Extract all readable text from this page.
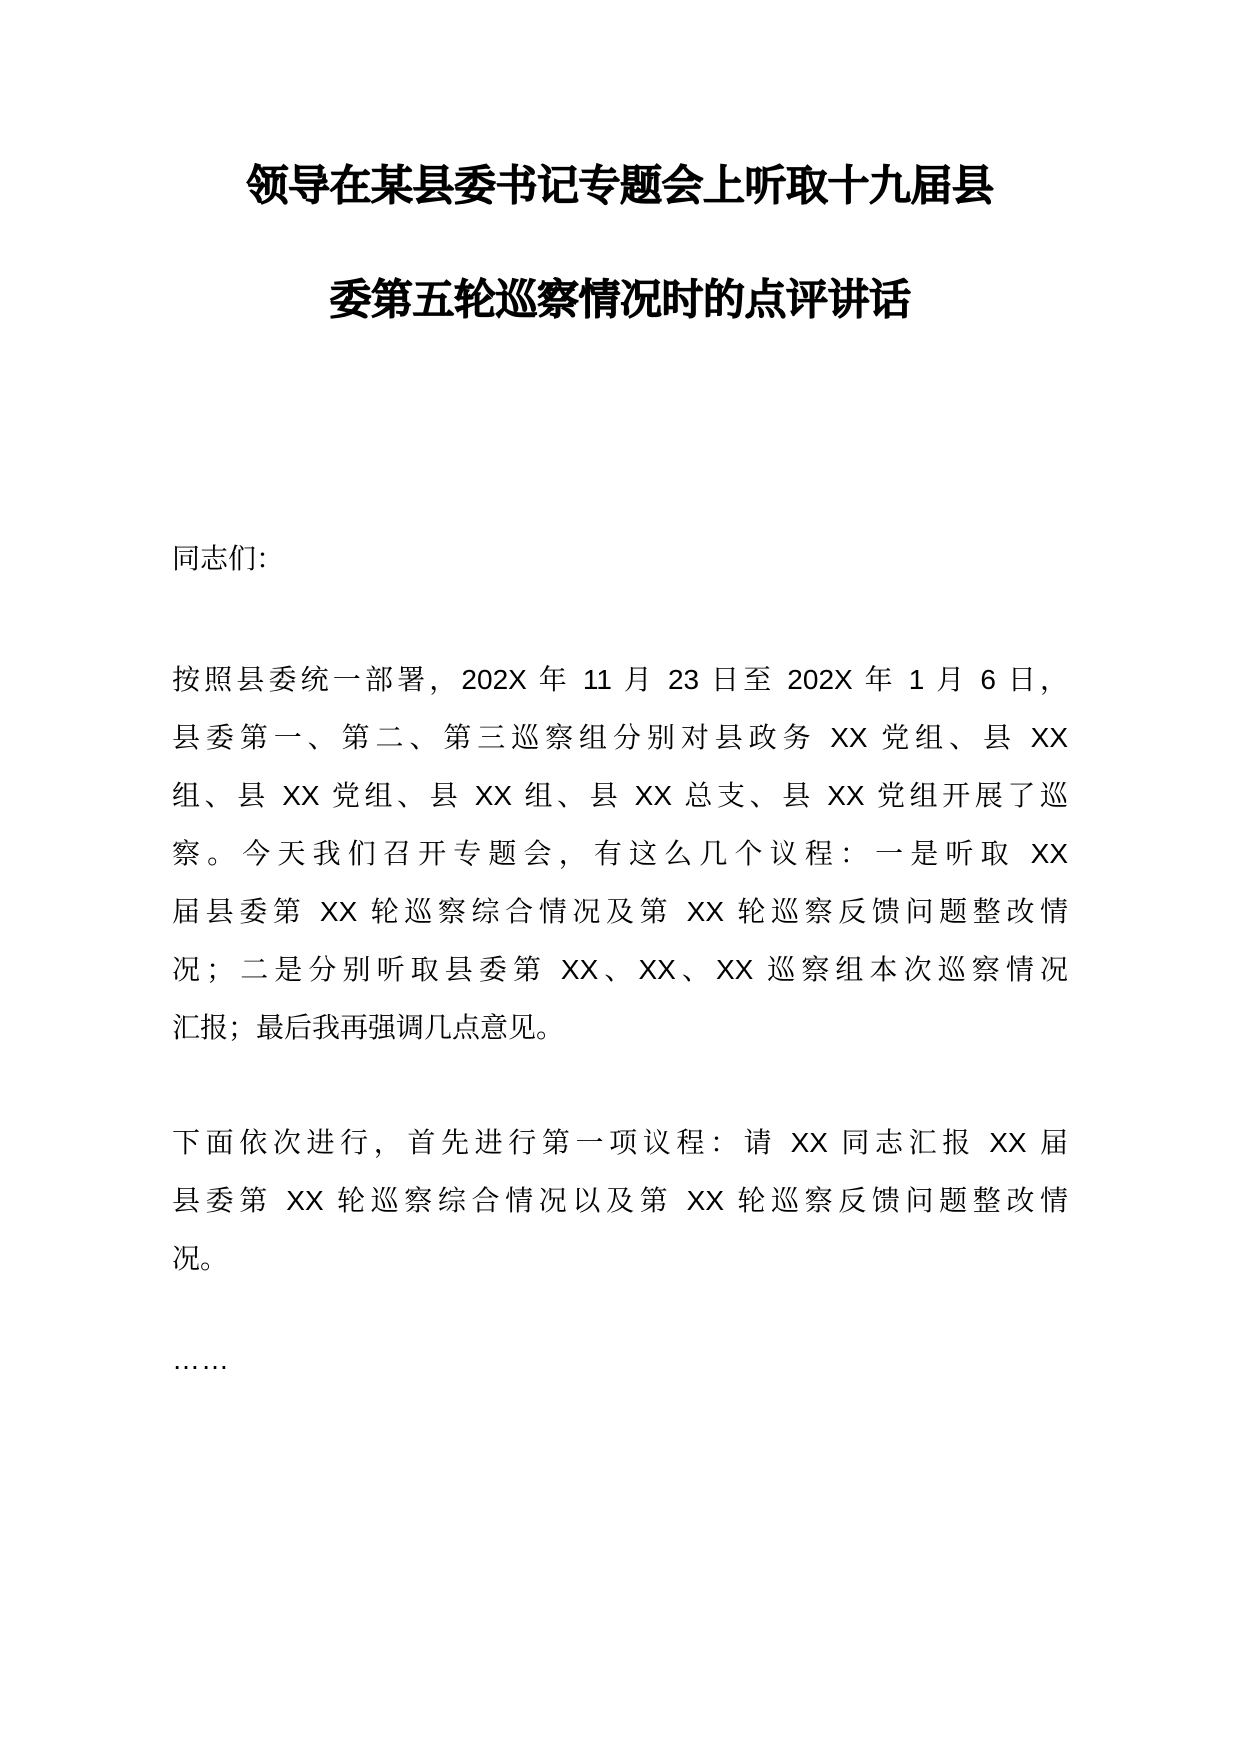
领导在某县委书记专题会上听取十九届县
委第五轮巡察情况时的点评讲话
同志们：
按照县委统一部署，202X 年 11 月 23 日至 202X 年 1 月 6 日，
县委第一、第二、第三巡察组分别对县政务 XX 党组、县 XX
组、县 XX 党组、县 XX 组、县 XX 总支、县 XX 党组开展了巡
察。今天我们召开专题会，有这么几个议程：一是听取 XX
届县委第 XX 轮巡察综合情况及第 XX 轮巡察反馈问题整改情
况；二是分别听取县委第 XX、XX、XX 巡察组本次巡察情况
汇报；最后我再强调几点意见。
下面依次进行，首先进行第一项议程：请 XX 同志汇报 XX 届
县委第 XX 轮巡察综合情况以及第 XX 轮巡察反馈问题整改情
况。
……
